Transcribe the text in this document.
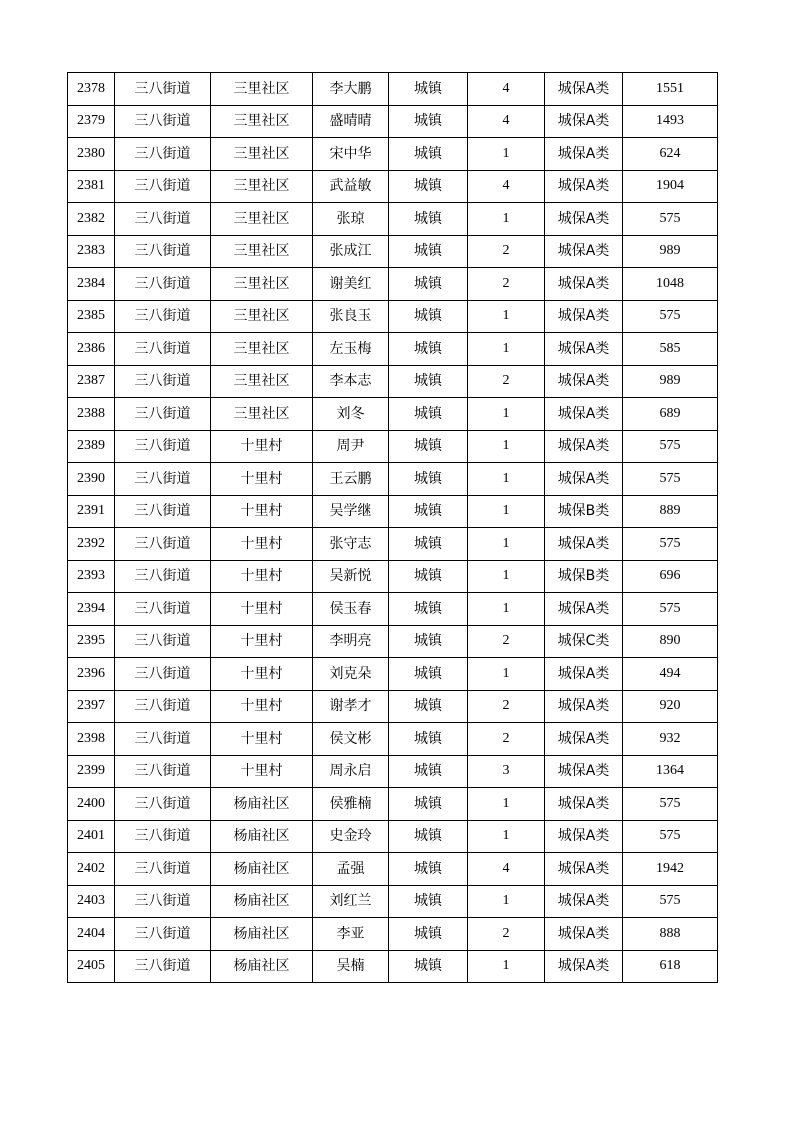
2378	三八街道	三里社区	李大鹏	城镇	4	城保A类	1551
2379	三八街道	三里社区	盛晴晴	城镇	4	城保A类	1493
2380	三八街道	三里社区	宋中华	城镇	1	城保A类	624
2381	三八街道	三里社区	武益敏	城镇	4	城保A类	1904
2382	三八街道	三里社区	张琼	城镇	1	城保A类	575
2383	三八街道	三里社区	张成江	城镇	2	城保A类	989
2384	三八街道	三里社区	谢美红	城镇	2	城保A类	1048
2385	三八街道	三里社区	张良玉	城镇	1	城保A类	575
2386	三八街道	三里社区	左玉梅	城镇	1	城保A类	585
2387	三八街道	三里社区	李本志	城镇	2	城保A类	989
2388	三八街道	三里社区	刘冬	城镇	1	城保A类	689
2389	三八街道	十里村	周尹	城镇	1	城保A类	575
2390	三八街道	十里村	王云鹏	城镇	1	城保A类	575
2391	三八街道	十里村	吴学继	城镇	1	城保B类	889
2392	三八街道	十里村	张守志	城镇	1	城保A类	575
2393	三八街道	十里村	吴新悦	城镇	1	城保B类	696
2394	三八街道	十里村	侯玉春	城镇	1	城保A类	575
2395	三八街道	十里村	李明亮	城镇	2	城保C类	890
2396	三八街道	十里村	刘克朵	城镇	1	城保A类	494
2397	三八街道	十里村	谢孝才	城镇	2	城保A类	920
2398	三八街道	十里村	侯文彬	城镇	2	城保A类	932
2399	三八街道	十里村	周永启	城镇	3	城保A类	1364
2400	三八街道	杨庙社区	侯雅楠	城镇	1	城保A类	575
2401	三八街道	杨庙社区	史金玲	城镇	1	城保A类	575
2402	三八街道	杨庙社区	孟强	城镇	4	城保A类	1942
2403	三八街道	杨庙社区	刘红兰	城镇	1	城保A类	575
2404	三八街道	杨庙社区	李亚	城镇	2	城保A类	888
2405	三八街道	杨庙社区	吴楠	城镇	1	城保A类	618
